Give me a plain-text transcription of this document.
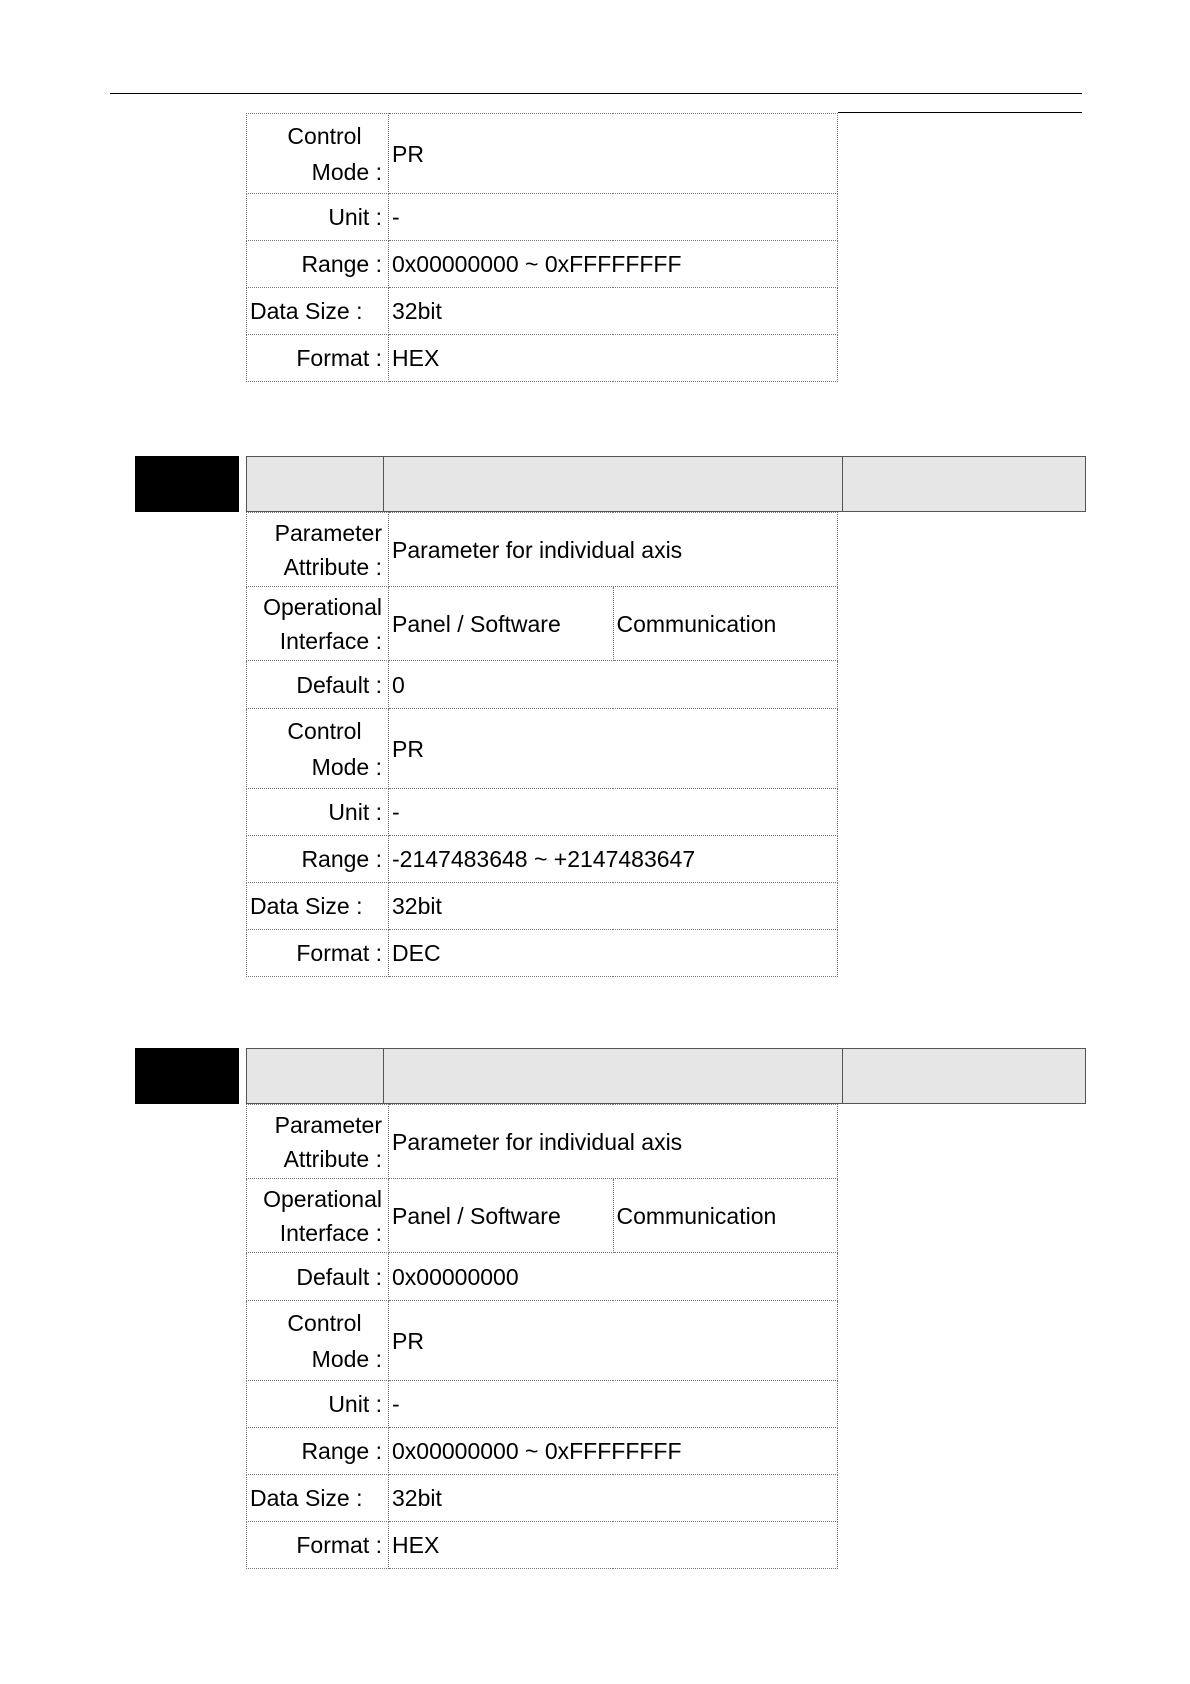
Control
Mode :	PR
Unit :	-
Range :	0x00000000 ~ 0xFFFFFFFF
Data Size :	32bit
Format :	HEX

Parameter
Attribute :	Parameter for individual axis	

Operational
Interface :	Panel / Software	Communication
Default :	0	

Control
Mode :	PR	
Unit :	-	
Range :	-2147483648 ~ +2147483647	
Data Size :	32bit	
Format :	DEC	

Parameter
Attribute :	Parameter for individual axis	

Operational
Interface :	Panel / Software	Communication
Default :	0x00000000	

Control
Mode :	PR	
Unit :	-	
Range :	0x00000000 ~ 0xFFFFFFFF	
Data Size :	32bit	
Format :	HEX	
